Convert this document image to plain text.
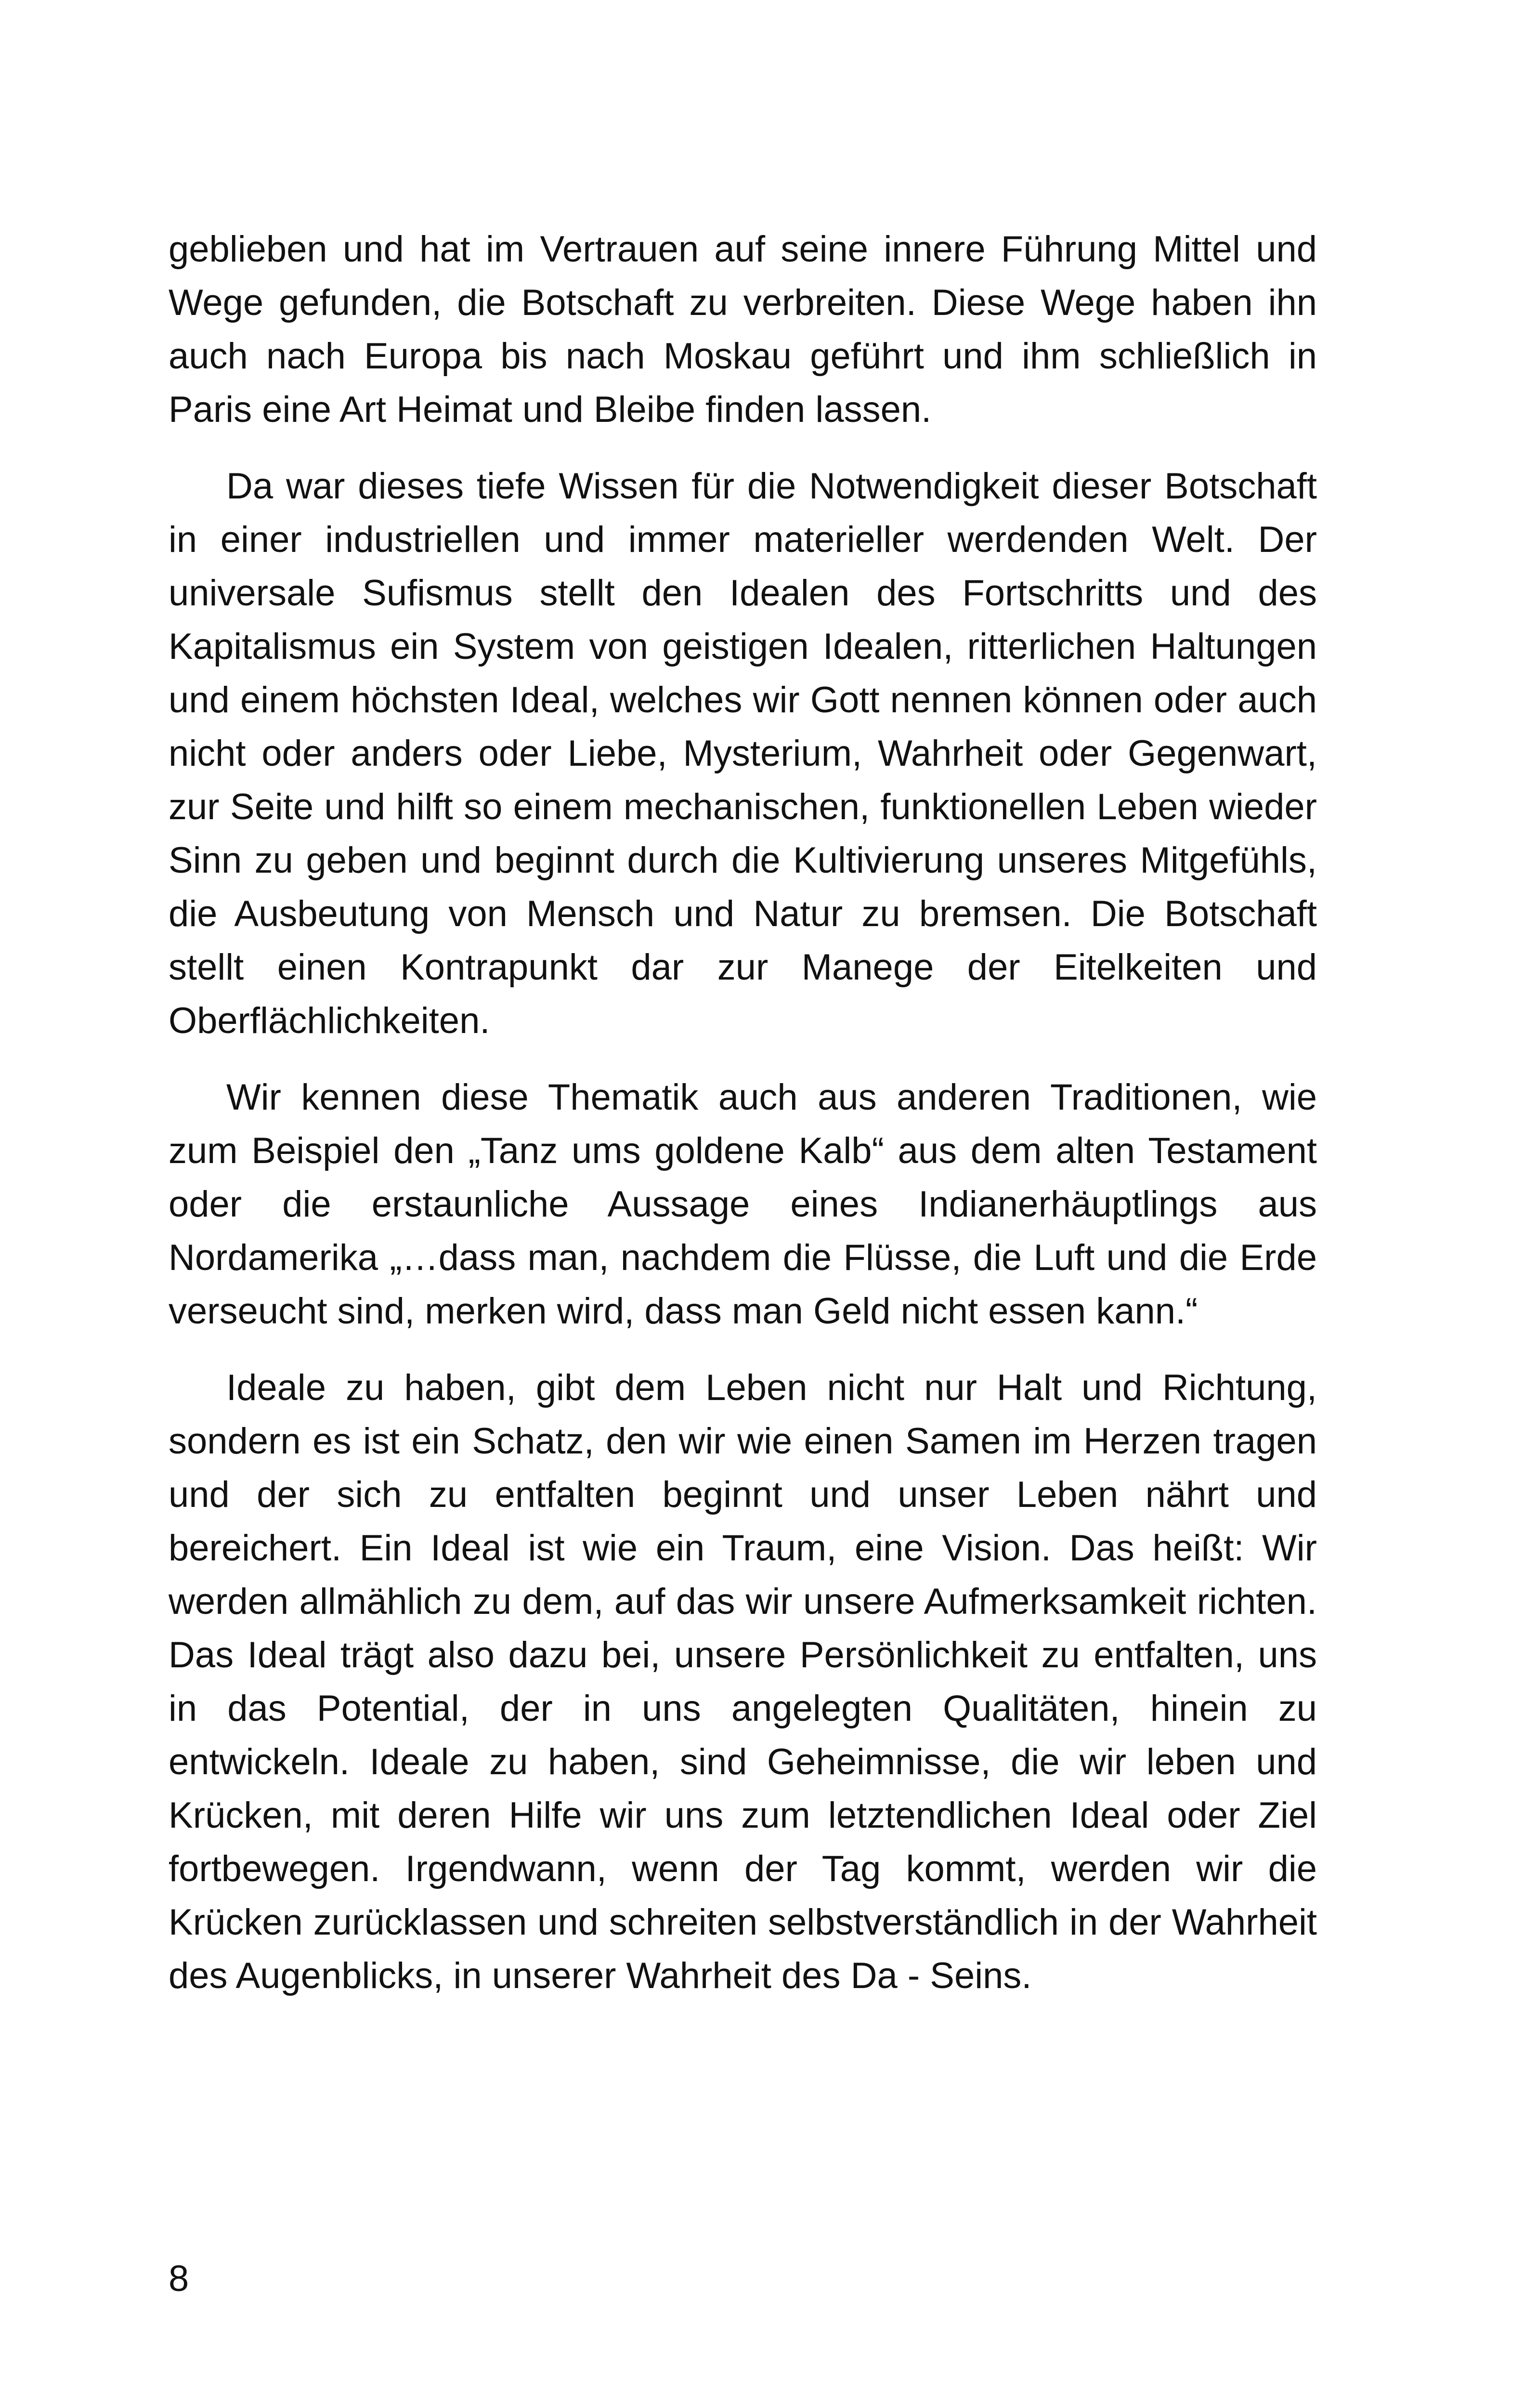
geblieben und hat im Vertrauen auf seine innere Führung Mittel und Wege gefunden, die Botschaft zu verbreiten. Diese Wege haben ihn auch nach Europa bis nach Moskau geführt und ihm schließlich in Paris eine Art Heimat und Bleibe finden lassen.

Da war dieses tiefe Wissen für die Notwendigkeit dieser Botschaft in einer industriellen und immer materieller werdenden Welt. Der universale Sufismus stellt den Idealen des Fortschritts und des Kapitalismus ein System von geistigen Idealen, ritterlichen Haltungen und einem höchsten Ideal, welches wir Gott nennen können oder auch nicht oder anders oder Liebe, Mysterium, Wahrheit oder Gegenwart, zur Seite und hilft so einem mechanischen, funktionellen Leben wieder Sinn zu geben und beginnt durch die Kultivierung unseres Mitgefühls, die Ausbeutung von Mensch und Natur zu bremsen. Die Botschaft stellt einen Kontrapunkt dar zur Manege der Eitelkeiten und Oberflächlichkeiten.

Wir kennen diese Thematik auch aus anderen Traditionen, wie zum Beispiel den „Tanz ums goldene Kalb“ aus dem alten Testament oder die erstaunliche Aussage eines Indianerhäuptlings aus Nordamerika „…dass man, nachdem die Flüsse, die Luft und die Erde verseucht sind, merken wird, dass man Geld nicht essen kann.“

Ideale zu haben, gibt dem Leben nicht nur Halt und Richtung, sondern es ist ein Schatz, den wir wie einen Samen im Herzen tragen und der sich zu entfalten beginnt und unser Leben nährt und bereichert. Ein Ideal ist wie ein Traum, eine Vision. Das heißt: Wir werden allmählich zu dem, auf das wir unsere Aufmerksamkeit richten. Das Ideal trägt also dazu bei, unsere Persönlichkeit zu entfalten, uns in das Potential, der in uns angelegten Qualitäten, hinein zu entwickeln. Ideale zu haben, sind Geheimnisse, die wir leben und Krücken, mit deren Hilfe wir uns zum letztendlichen Ideal oder Ziel fortbewegen. Irgendwann, wenn der Tag kommt, werden wir die Krücken zurücklassen und schreiten selbstverständlich in der Wahrheit des Augenblicks, in unserer Wahrheit des Da - Seins.

8
